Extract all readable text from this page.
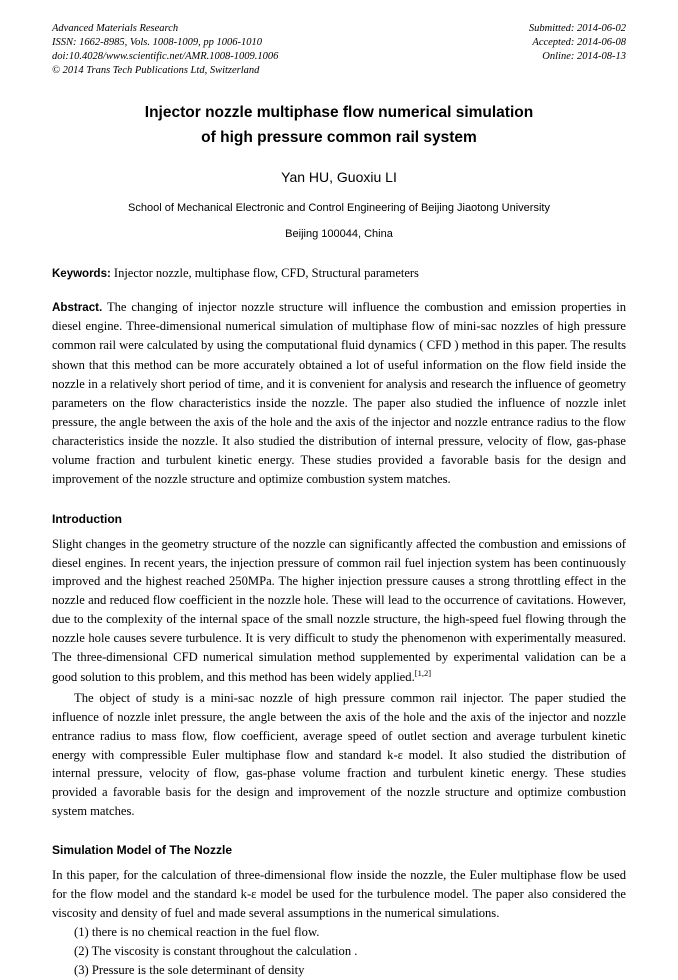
Advanced Materials Research
ISSN: 1662-8985, Vols. 1008-1009, pp 1006-1010
doi:10.4028/www.scientific.net/AMR.1008-1009.1006
© 2014 Trans Tech Publications Ltd, Switzerland
Submitted: 2014-06-02
Accepted: 2014-06-08
Online: 2014-08-13
Injector nozzle multiphase flow numerical simulation
of high pressure common rail system
Yan HU, Guoxiu LI
School of Mechanical Electronic and Control Engineering of Beijing Jiaotong University
Beijing 100044, China
Keywords: Injector nozzle, multiphase flow, CFD, Structural parameters
Abstract. The changing of injector nozzle structure will influence the combustion and emission properties in diesel engine. Three-dimensional numerical simulation of multiphase flow of mini-sac nozzles of high pressure common rail were calculated by using the computational fluid dynamics ( CFD ) method in this paper. The results shown that this method can be more accurately obtained a lot of useful information on the flow field inside the nozzle in a relatively short period of time, and it is convenient for analysis and research the influence of geometry parameters on the flow characteristics inside the nozzle. The paper also studied the influence of nozzle inlet pressure, the angle between the axis of the hole and the axis of the injector and nozzle entrance radius to the flow characteristics inside the nozzle. It also studied the distribution of internal pressure, velocity of flow, gas-phase volume fraction and turbulent kinetic energy. These studies provided a favorable basis for the design and improvement of the nozzle structure and optimize combustion system matches.
Introduction

Slight changes in the geometry structure of the nozzle can significantly affected the combustion and emissions of diesel engines. In recent years, the injection pressure of common rail fuel injection system has been continuously improved and the highest reached 250MPa. The higher injection pressure causes a strong throttling effect in the nozzle and reduced flow coefficient in the nozzle hole. These will lead to the occurrence of cavitations. However, due to the complexity of the internal space of the small nozzle structure, the high-speed fuel flowing through the nozzle hole causes severe turbulence. It is very difficult to study the phenomenon with experimentally measured. The three-dimensional CFD numerical simulation method supplemented by experimental validation can be a good solution to this problem, and this method has been widely applied.[1,2]

The object of study is a mini-sac nozzle of high pressure common rail injector. The paper studied the influence of nozzle inlet pressure, the angle between the axis of the hole and the axis of the injector and nozzle entrance radius to mass flow, flow coefficient, average speed of outlet section and average turbulent kinetic energy with compressible Euler multiphase flow and standard k-ε model. It also studied the distribution of internal pressure, velocity of flow, gas-phase volume fraction and turbulent kinetic energy. These studies provided a favorable basis for the design and improvement of the nozzle structure and optimize combustion system matches.

Simulation Model of The Nozzle

In this paper, for the calculation of three-dimensional flow inside the nozzle, the Euler multiphase flow be used for the flow model and the standard k-ε model be used for the turbulence model. The paper also considered the viscosity and density of fuel and made several assumptions in the numerical simulations.

(1) there is no chemical reaction in the fuel flow.
(2) The viscosity is constant throughout the calculation .
(3) Pressure is the sole determinant of density
